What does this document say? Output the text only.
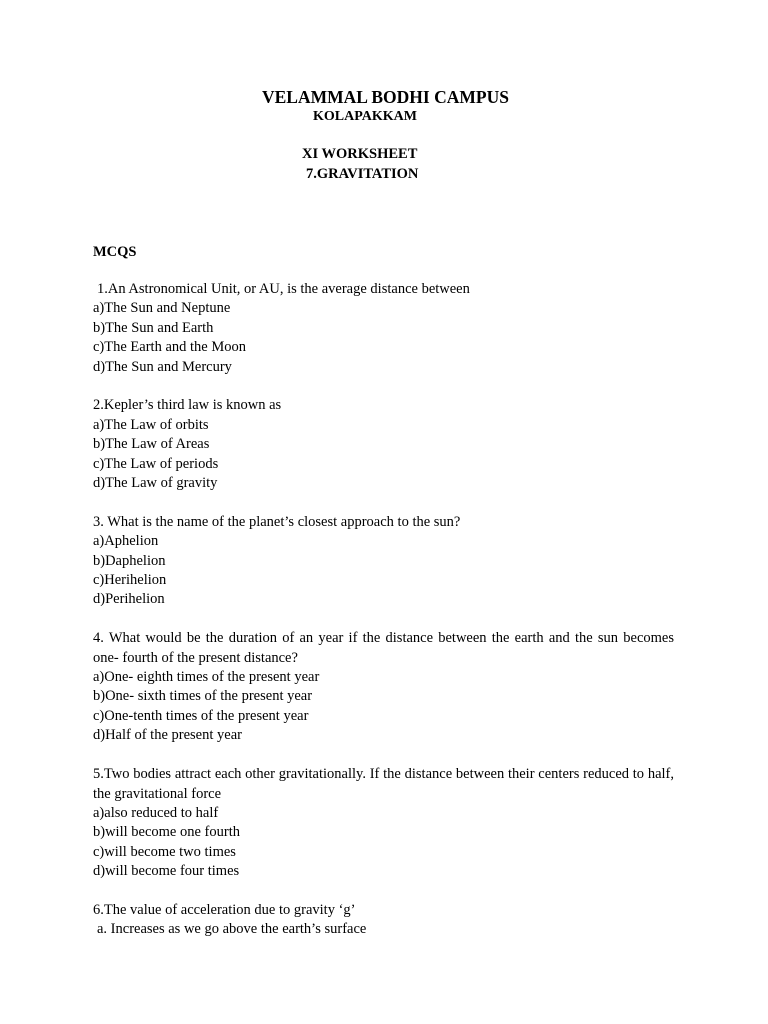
VELAMMAL BODHI CAMPUS
KOLAPAKKAM
XI WORKSHEET
7.GRAVITATION
MCQS

1.An Astronomical Unit, or AU, is the average distance between

a)The Sun and Neptune

b)The Sun and Earth

c)The Earth and the Moon

d)The Sun and Mercury

2.Kepler’s third law is known as

a)The Law of orbits

b)The Law of Areas

c)The Law of periods

d)The Law of gravity

3. What is the name of the planet’s closest approach to the sun?

a)Aphelion

b)Daphelion

c)Herihelion

d)Perihelion

4. What would be the duration of an year if the distance between the earth and the sun becomes one- fourth of the present distance?

a)One- eighth times of the present year

b)One- sixth times of the present year

c)One-tenth times of the present year

d)Half of the present year

5.Two bodies attract each other gravitationally. If the distance between their centers reduced to half, the gravitational force

a)also reduced to half

b)will become one fourth

c)will become two times

d)will become four times

6.The value of acceleration due to gravity ‘g’

a. Increases as we go above the earth’s surface
